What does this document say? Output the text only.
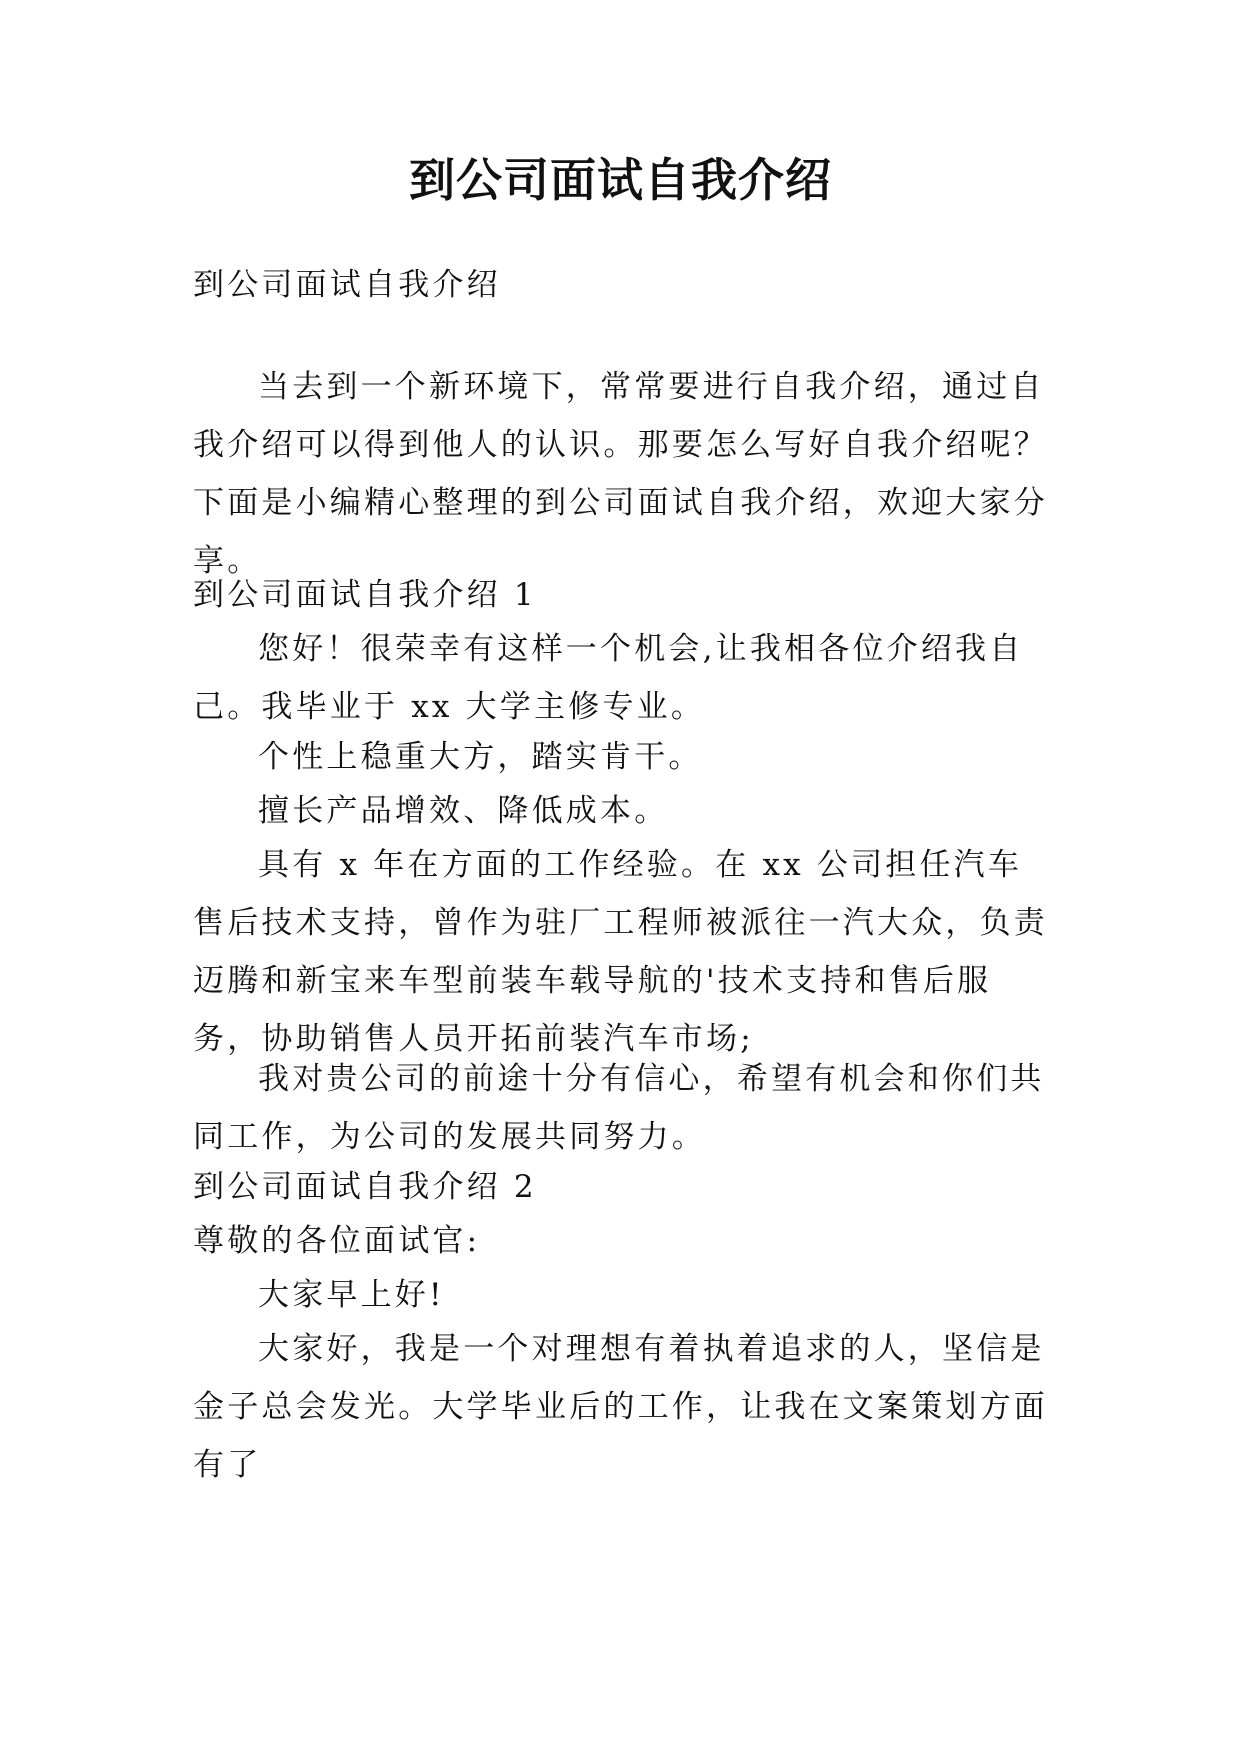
到公司面试自我介绍

到公司面试自我介绍

当去到一个新环境下，常常要进行自我介绍，通过自我介绍可以得到他人的认识。那要怎么写好自我介绍呢？下面是小编精心整理的到公司面试自我介绍，欢迎大家分享。

到公司面试自我介绍 1

您好！很荣幸有这样一个机会,让我相各位介绍我自己。我毕业于 xx 大学主修专业。

个性上稳重大方，踏实肯干。

擅长产品增效、降低成本。

具有 x 年在方面的工作经验。在 xx 公司担任汽车售后技术支持，曾作为驻厂工程师被派往一汽大众，负责迈腾和新宝来车型前装车载导航的'技术支持和售后服务，协助销售人员开拓前装汽车市场;

我对贵公司的前途十分有信心，希望有机会和你们共同工作，为公司的发展共同努力。

到公司面试自我介绍 2

尊敬的各位面试官:

大家早上好!

大家好，我是一个对理想有着执着追求的人，坚信是金子总会发光。大学毕业后的工作，让我在文案策划方面有了
